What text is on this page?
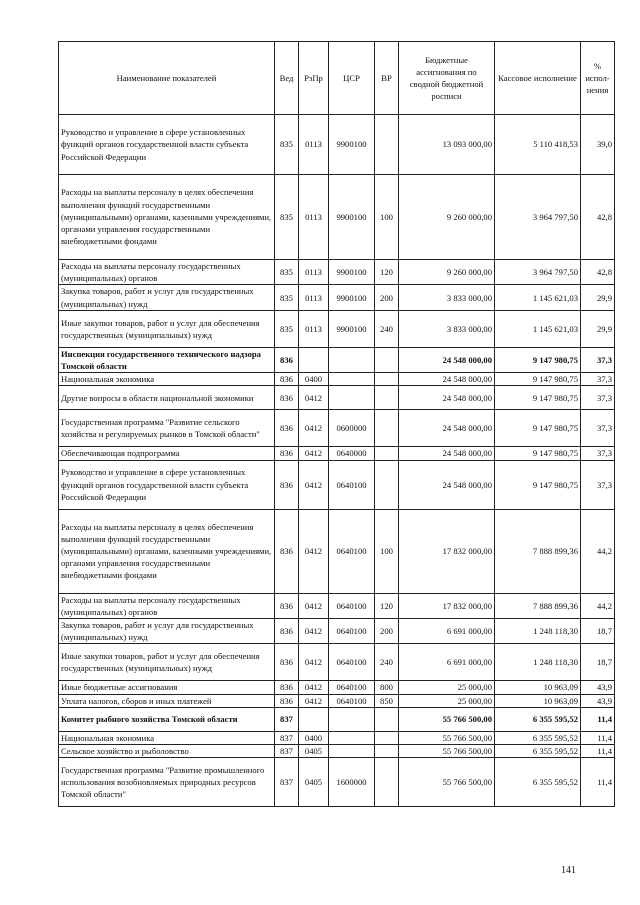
Наименование показателей	Вед	РзПр	ЦСР	ВР	Бюджетные ассигнования по сводной бюджетной росписи	Кассовое исполнение	% испол-нения
Руководство и управление в сфере установленных функций органов государственной власти субъекта Российской Федерации	835	0113	9900100		13 093 000,00	5 110 418,53	39,0
Расходы на выплаты персоналу в целях обеспечения выполнения функций государственными (муниципальными) органами, казенными учреждениями, органами управления государственными внебюджетными фондами	835	0113	9900100	100	9 260 000,00	3 964 797,50	42,8
Расходы на выплаты персоналу государственных (муниципальных) органов	835	0113	9900100	120	9 260 000,00	3 964 797,50	42,8
Закупка товаров, работ и услуг для государственных (муниципальных) нужд	835	0113	9900100	200	3 833 000,00	1 145 621,03	29,9
Иные закупки товаров, работ и услуг для обеспечения государственных (муниципальных) нужд	835	0113	9900100	240	3 833 000,00	1 145 621,03	29,9
Инспекция государственного технического надзора Томской области	836				24 548 000,00	9 147 980,75	37,3
Национальная экономика	836	0400			24 548 000,00	9 147 980,75	37,3
Другие вопросы в области национальной экономики	836	0412			24 548 000,00	9 147 980,75	37,3
Государственная программа "Развитие сельского хозяйства и регулируемых рынков в Томской области"	836	0412	0600000		24 548 000,00	9 147 980,75	37,3
Обеспечивающая подпрограмма	836	0412	0640000		24 548 000,00	9 147 980,75	37,3
Руководство и управление в сфере установленных функций органов государственной власти субъекта Российской Федерации	836	0412	0640100		24 548 000,00	9 147 980,75	37,3
Расходы на выплаты персоналу в целях обеспечения выполнения функций государственными (муниципальными) органами, казенными учреждениями, органами управления государственными внебюджетными фондами	836	0412	0640100	100	17 832 000,00	7 888 899,36	44,2
Расходы на выплаты персоналу государственных (муниципальных) органов	836	0412	0640100	120	17 832 000,00	7 888 899,36	44,2
Закупка товаров, работ и услуг для государственных (муниципальных) нужд	836	0412	0640100	200	6 691 000,00	1 248 118,30	18,7
Иные закупки товаров, работ и услуг для обеспечения государственных (муниципальных) нужд	836	0412	0640100	240	6 691 000,00	1 248 118,30	18,7
Иные бюджетные ассигнования	836	0412	0640100	800	25 000,00	10 963,09	43,9
Уплата налогов, сборов и иных платежей	836	0412	0640100	850	25 000,00	10 963,09	43,9
Комитет рыбного хозяйства Томской области	837				55 766 500,00	6 355 595,52	11,4
Национальная экономика	837	0400			55 766 500,00	6 355 595,52	11,4
Сельское хозяйство и рыболовство	837	0405			55 766 500,00	6 355 595,52	11,4
Государственная программа "Развитие промышленного использования возобновляемых природных ресурсов Томской области"	837	0405	1600000		55 766 500,00	6 355 595,52	11,4
141
